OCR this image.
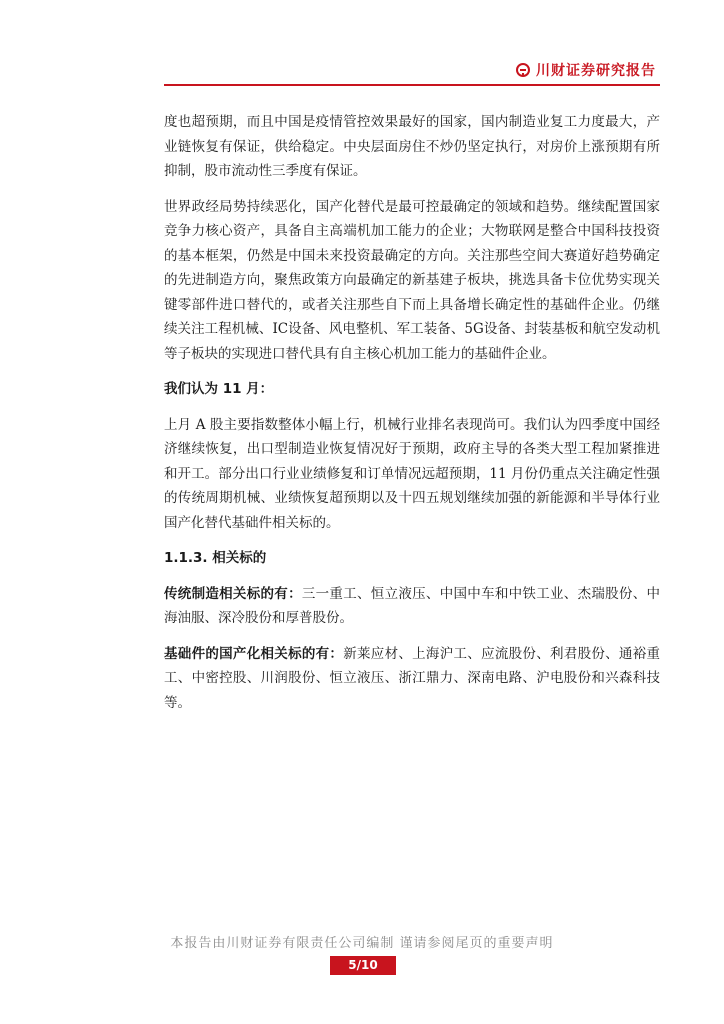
川财证券研究报告

度也超预期，而且中国是疫情管控效果最好的国家，国内制造业复工力度最大，产业链恢复有保证，供给稳定。中央层面房住不炒仍坚定执行，对房价上涨预期有所抑制，股市流动性三季度有保证。

世界政经局势持续恶化，国产化替代是最可控最确定的领域和趋势。继续配置国家竞争力核心资产，具备自主高端机加工能力的企业；大物联网是整合中国科技投资的基本框架，仍然是中国未来投资最确定的方向。关注那些空间大赛道好趋势确定的先进制造方向，聚焦政策方向最确定的新基建子板块，挑选具备卡位优势实现关键零部件进口替代的，或者关注那些自下而上具备增长确定性的基础件企业。仍继续关注工程机械、IC设备、风电整机、军工装备、5G设备、封装基板和航空发动机等子板块的实现进口替代具有自主核心机加工能力的基础件企业。

我们认为 11 月：

上月 A 股主要指数整体小幅上行，机械行业排名表现尚可。我们认为四季度中国经济继续恢复，出口型制造业恢复情况好于预期，政府主导的各类大型工程加紧推进和开工。部分出口行业业绩修复和订单情况远超预期，11 月份仍重点关注确定性强的传统周期机械、业绩恢复超预期以及十四五规划继续加强的新能源和半导体行业国产化替代基础件相关标的。

1.1.3. 相关标的

传统制造相关标的有：三一重工、恒立液压、中国中车和中铁工业、杰瑞股份、中海油服、深冷股份和厚普股份。

基础件的国产化相关标的有：新莱应材、上海沪工、应流股份、利君股份、通裕重工、中密控股、川润股份、恒立液压、浙江鼎力、深南电路、沪电股份和兴森科技等。

本报告由川财证券有限责任公司编制 谨请参阅尾页的重要声明
5/10
